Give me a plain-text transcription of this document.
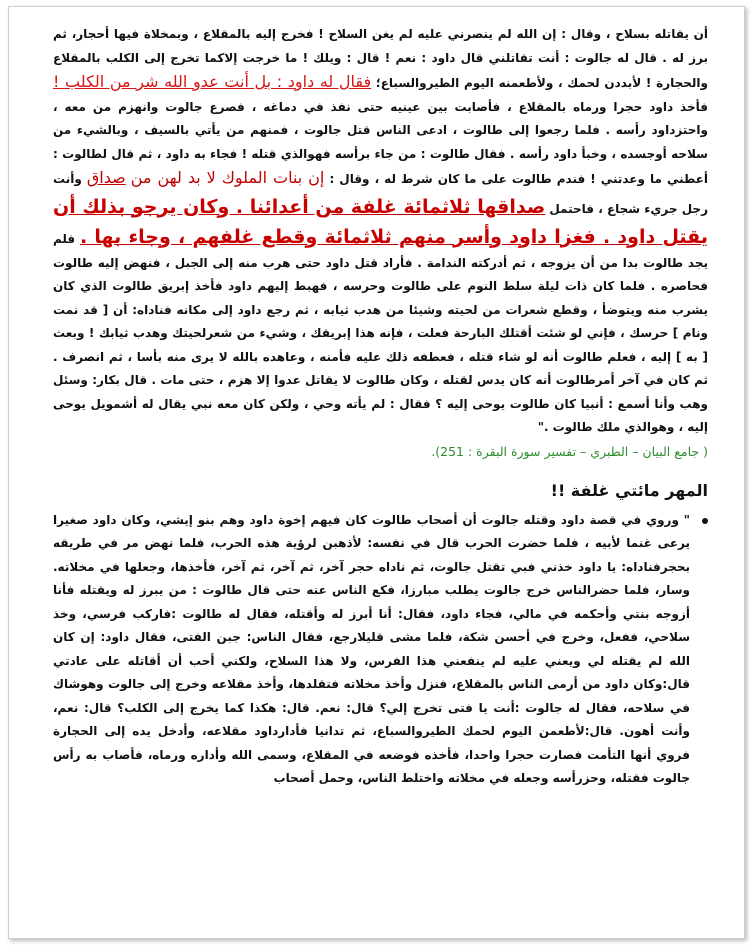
أن يقاتله بسلاح ، وقال : إن الله لم ينصرني عليه لم يغن السلاح ! فخرج إليه بالمقلاع ، وبمخلاة فيها أحجار، ثم برز له . قال له جالوت : أنت تقاتلني قال داود : نعم ! قال : ويلك ! ما خرجت إلاكما تخرج إلى الكلب بالمقلاع والحجارة ! لأبددن لحمك ، ولأطعمنه اليوم الطيروالسباع؛ فقال له داود : بل أنت عدو الله شر من الكلب ! فأخذ داود حجرا ورماه بالمقلاع ، فأصابت بين عينيه حتى نفذ في دماغه ، فصرع جالوت وانهزم من معه ، واحتزداود رأسه . فلما رجعوا إلى طالوت ، ادعى الناس قتل جالوت ، فمنهم من يأتي بالسيف ، وبالشيء من سلاحه أوجسده ، وخبأ داود رأسه . فقال طالوت : من جاء برأسه فهوالذي قتله ! فجاء به داود ، ثم قال لطالوت : أعطني ما وعدتني ! فندم طالوت على ما كان شرط له ، وقال : إن بنات الملوك لا بد لهن من صداق وأنت رجل جريء شجاع ، فاحتمل صداقها ثلاثمائة غلفة من أعدائنا . وكان يرجو بذلك أن يقتل داود . فغزا داود وأسر منهم ثلاثمائة وقطع غلفهم ، وجاء بها . فلم يجد طالوت بدا من أن يزوجه ، ثم أدركته الندامة . فأراد قتل داود حتى هرب منه إلى الجبل ، فنهض إليه طالوت فحاصره . فلما كان ذات ليلة سلط النوم على طالوت وحرسه ، فهبط إليهم داود فأخذ إبريق طالوت الذي كان يشرب منه ويتوضأ ، وقطع شعرات من لحيته وشيئا من هدب ثيابه ، ثم رجع داود إلى مكانه فناداه: أن [ قد نمت ونام ] حرسك ، فإني لو شئت أقتلك البارحة فعلت ، فإنه هذا إبريقك ، وشيء من شعرلحيتك وهدب ثيابك ! وبعث [ به ] إليه ، فعلم طالوت أنه لو شاء قتله ، فعطفه ذلك عليه فأمنه ، وعاهده بالله لا يرى منه بأسا ، ثم انصرف . ثم كان في آخر أمرطالوت أنه كان يدس لقتله ، وكان طالوت لا يقاتل عدوا إلا هزم ، حتى مات . قال بكار: وسئل وهب وأنا أسمع : أنبيا كان طالوت يوحى إليه ؟ فقال : لم يأته وحي ، ولكن كان معه نبي يقال له أشمويل يوحى إليه ، وهوالذي ملك طالوت ."

( جامع البيان – الطبري – تفسير سورة البقرة : 251).

المهر مائتي غلفة !!

" وروي في قصة داود وقتله جالوت أن أصحاب طالوت كان فيهم إخوة داود وهم بنو إيشي، وكان داود صغيرا يرعى غنما لأبيه ، فلما حضرت الحرب قال في نفسه: لأذهبن لرؤية هذه الحرب، فلما نهض مر في طريقه بحجرفناداه: يا داود خذني فبي تقتل جالوت، ثم ناداه حجر آخر، ثم آخر، ثم آخر، فأخذها، وجعلها في مخلاته. وسار، فلما حضرالناس خرج جالوت يطلب مبارزا، فكع الناس عنه حتى قال طالوت : من يبرز له ويقتله فأنا أزوجه بنتي وأحكمه في مالي، فجاء داود، فقال: أنا أبرز له وأقتله، فقال له طالوت :فاركب فرسي، وخذ سلاحي، ففعل، وخرج في أحسن شكة، فلما مشى قليلارجع، فقال الناس: جبن الفتى، فقال داود: إن كان الله لم يقتله لي ويعني عليه لم ينفعني هذا الفرس، ولا هذا السلاح، ولكني أحب أن أقاتله على عادتي قال:وكان داود من أرمى الناس بالمقلاع، فنزل وأخذ مخلاته فتقلدها، وأخذ مقلاعه وخرج إلى جالوت وهوشاك في سلاحه، فقال له جالوت :أنت يا فتى تخرج إلي؟ قال: نعم. قال: هكذا كما يخرج إلى الكلب؟ قال: نعم، وأنت أهون. قال:لأطعمن اليوم لحمك الطيروالسباع، ثم تدانيا فأدارداود مقلاعه، وأدخل يده إلى الحجارة فروي أنها التأمت فصارت حجرا واحدا، فأخذه فوضعه في المقلاع، وسمى الله وأداره ورماه، فأصاب به رأس جالوت فقتله، وحزرأسه وجعله في مخلاته واختلط الناس، وحمل أصحاب
